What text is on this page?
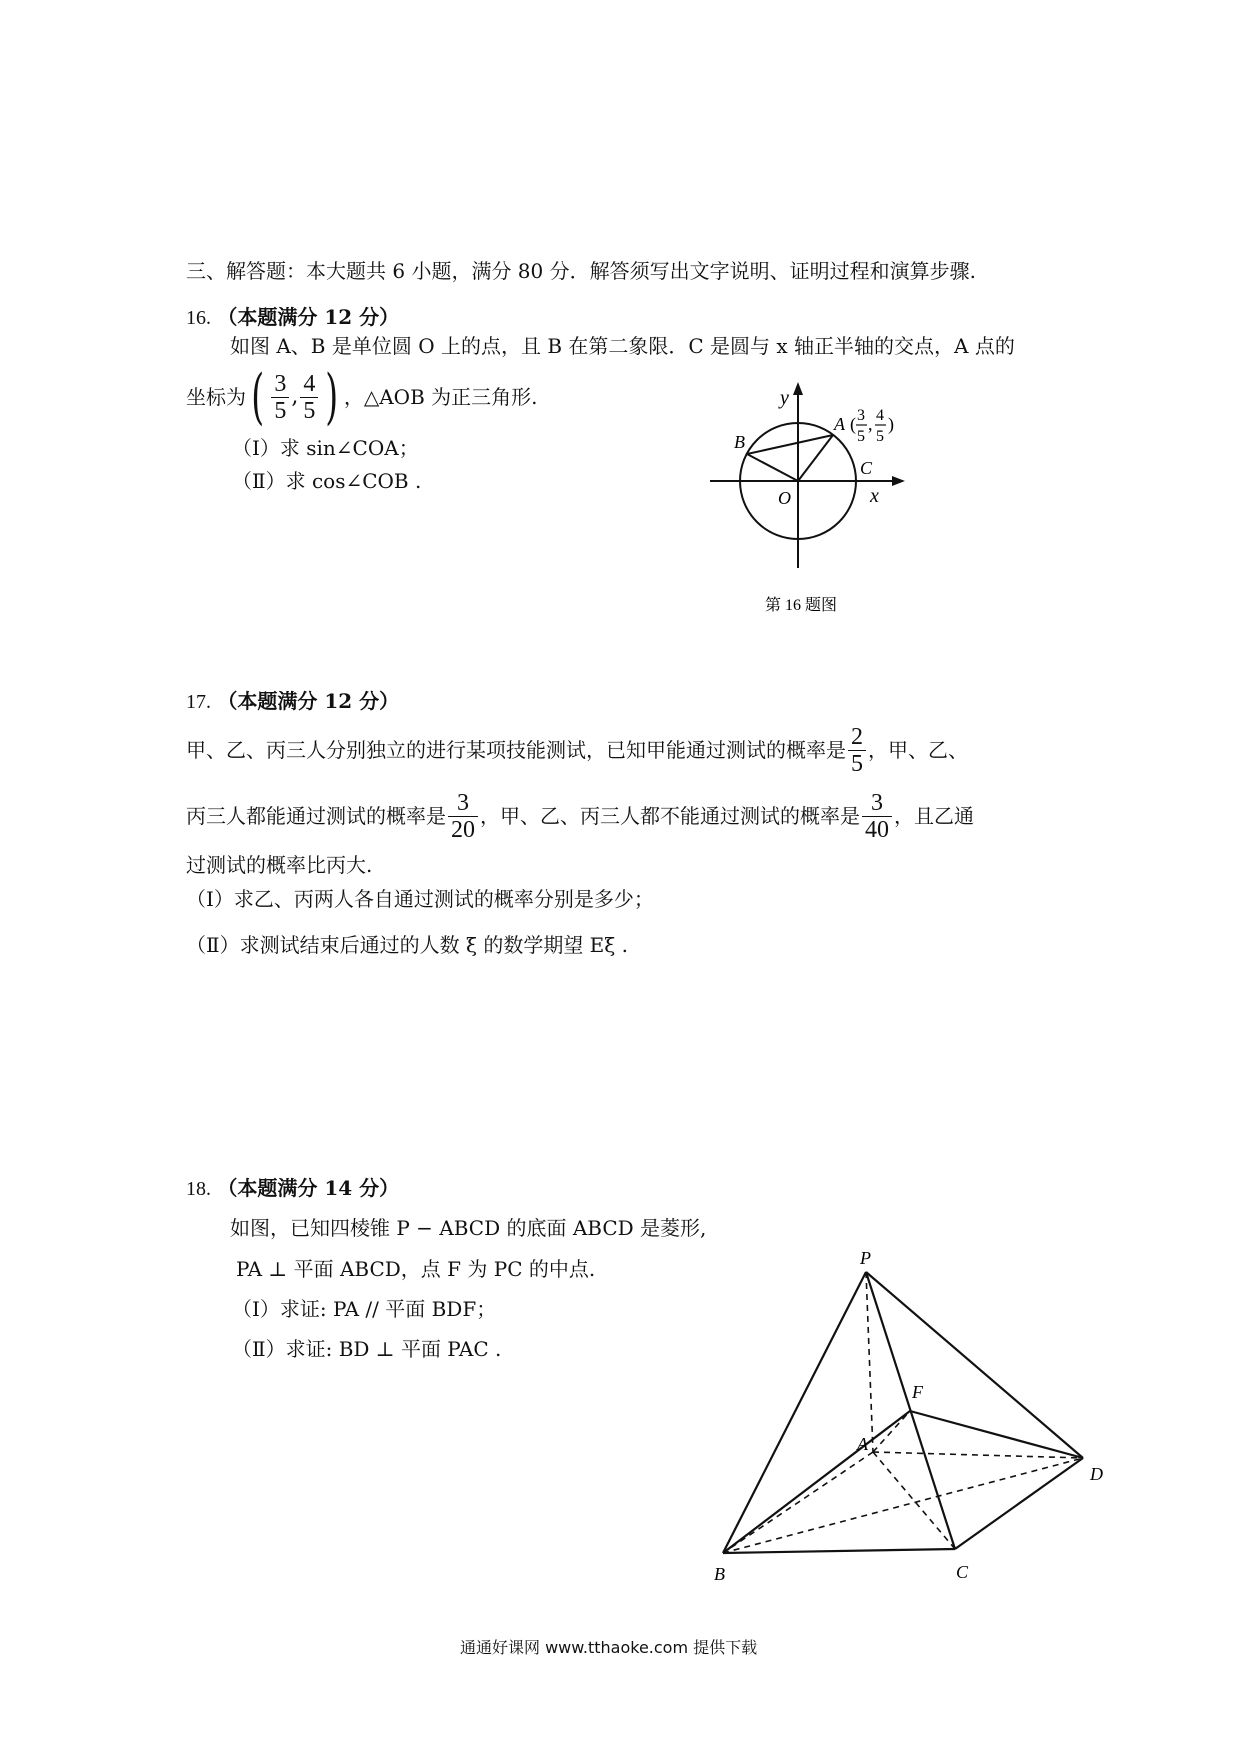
三、解答题：本大题共 6 小题，满分 80 分．解答须写出文字说明、证明过程和演算步骤.
16. （本题满分 12 分）
如图 A、B 是单位圆 O 上的点，且 B 在第二象限．C 是圆与 x 轴正半轴的交点，A 点的
坐标为 ( $\frac{3}{5}$ , $\frac{4}{5}$ ) ，△AOB 为正三角形.
（Ⅰ）求 sin∠COA；
（Ⅱ）求 cos∠COB .
y
x
O
B
C
A ( 3
5
, 4
5
)
第 16 题图
17. （本题满分 12 分）
甲、乙、丙三人分别独立的进行某项技能测试，已知甲能通过测试的概率是 $\frac{2}{5}$ ，甲、乙、
丙三人都能通过测试的概率是 $\frac{3}{20}$ ，甲、乙、丙三人都不能通过测试的概率是 $\frac{3}{40}$ ，且乙通
过测试的概率比丙大.
（Ⅰ）求乙、丙两人各自通过测试的概率分别是多少；
（Ⅱ）求测试结束后通过的人数 ξ 的数学期望 Eξ .
18. （本题满分 14 分）
如图，已知四棱锥 P − ABCD 的底面 ABCD 是菱形,
PA ⊥ 平面 ABCD，点 F 为 PC 的中点.
（Ⅰ）求证: PA // 平面 BDF；
（Ⅱ）求证: BD ⊥ 平面 PAC .
P
F
A
B	C
D
通通好课网 www.tthaoke.com 提供下载
